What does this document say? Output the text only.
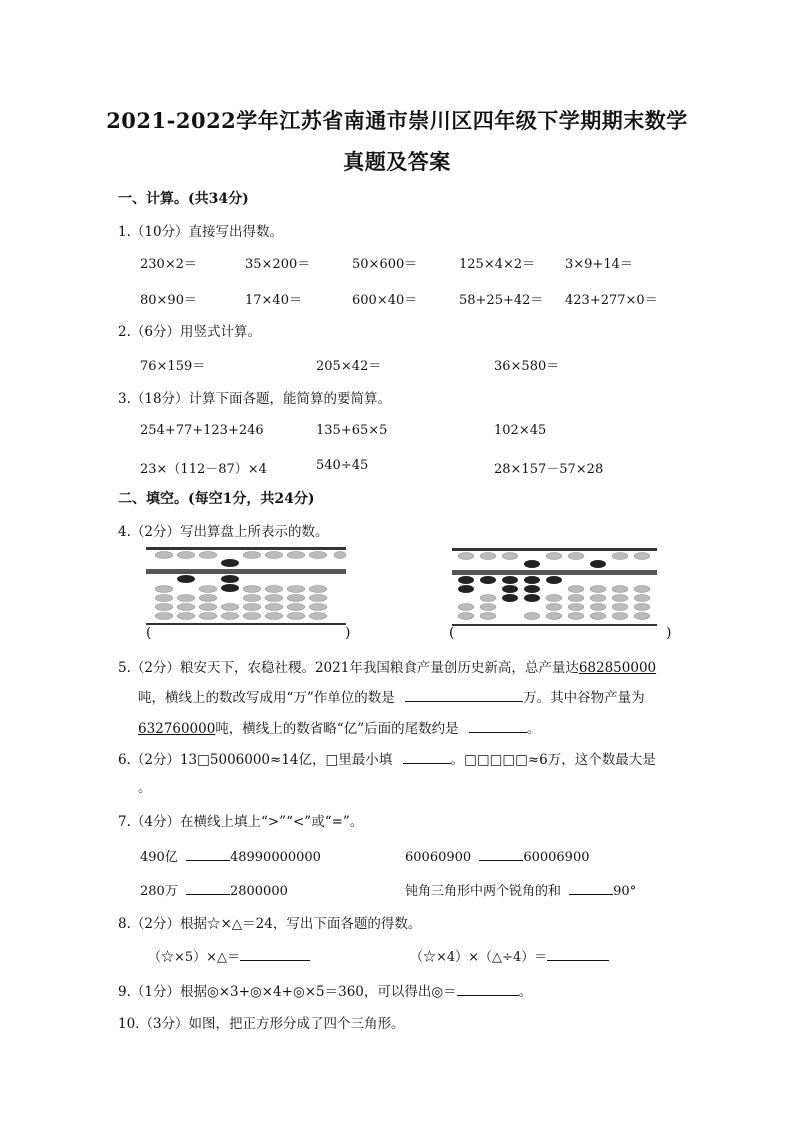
2021-2022学年江苏省南通市崇川区四年级下学期期末数学
真题及答案
一、计算。(共34分)
1.（10分）直接写出得数。
230×2＝	35×200＝	50×600＝	125×4×2＝ 3×9+14＝
80×90＝	17×40＝	600×40＝	58+25+42＝ 423+277×0＝
2.（6分）用竖式计算。
76×159＝	205×42＝	36×580＝
3.（18分）计算下面各题，能简算的要简算。
254+77+123+246	135+65×5	102×45
23×（112－87）×4	540÷45	28×157－57×28
二、填空。(每空1分，共24分)
4.（2分）写出算盘上所表示的数。
(	)	(	)
5.（2分）粮安天下，农稳社稷。2021年我国粮食产量创历史新高，总产量达682850000
吨，横线上的数改写成用“万”作单位的数是	万。其中谷物产量为
632760000吨，横线上的数省略“亿”后面的尾数约是	。
6.（2分）13□5006000≈14亿，□里最小填	。□□□□□≈6万，这个数最大是
。
7.（4分）在横线上填上“>”“<”或“=”。
490亿	48990000000	60060900	60006900
280万	2800000	钝角三角形中两个锐角的和	90°
8.（2分）根据☆×△＝24，写出下面各题的得数。
（☆×5）×△＝	（☆×4）×（△÷4）＝
9.（1分）根据◎×3+◎×4+◎×5＝360，可以得出◎＝	。
10.（3分）如图，把正方形分成了四个三角形。
